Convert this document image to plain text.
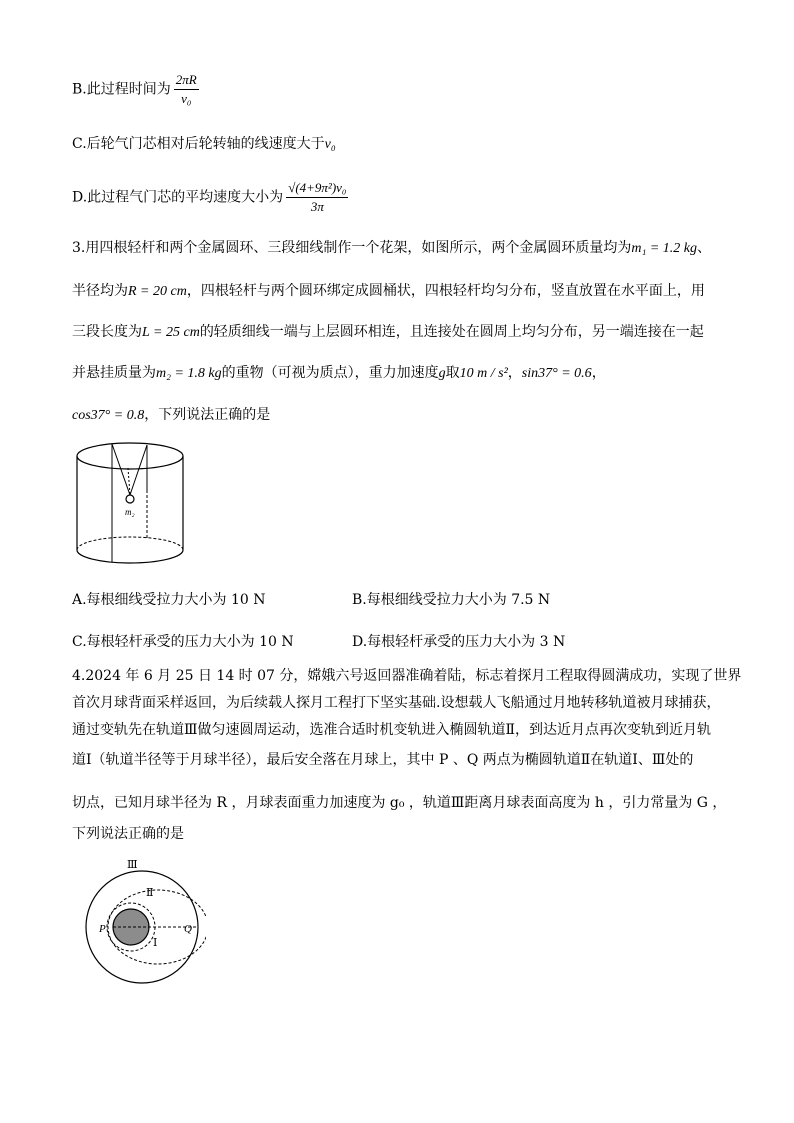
B.此过程时间为 $\frac{2\pi R}{\text{v₀}}$
C.后轮气门芯相对后轮转轴的线速度大于v₀
D.此过程气门芯的平均速度大小为 $\frac{\text{√(4+9π²)v₀}}{3\pi}$
3.用四根轻杆和两个金属圆环、三段细线制作一个花架，如图所示，两个金属圆环质量均为m₁ = 1.2 kg、
半径均为R = 20 cm，四根轻杆与两个圆环绑定成圆桶状，四根轻杆均匀分布，竖直放置在水平面上，用
三段长度为L = 25 cm的轻质细线一端与上层圆环相连，且连接处在圆周上均匀分布，另一端连接在一起
并悬挂质量为m₂ = 1.8 kg的重物（可视为质点），重力加速度g取10 m / s²，sin37° = 0.6，
cos37° = 0.8，下列说法正确的是
m₂
A.每根细线受拉力大小为 10 N	B.每根细线受拉力大小为 7.5 N
C.每根轻杆承受的压力大小为 10 N	D.每根轻杆承受的压力大小为 3 N
4.2024 年 6 月 25 日 14 时 07 分，嫦娥六号返回器准确着陆，标志着探月工程取得圆满成功，实现了世界
首次月球背面采样返回，为后续载人探月工程打下坚实基础.设想载人飞船通过月地转移轨道被月球捕获，
通过变轨先在轨道Ⅲ做匀速圆周运动，选准合适时机变轨进入椭圆轨道Ⅱ，到达近月点再次变轨到近月轨
道Ⅰ（轨道半径等于月球半径），最后安全落在月球上，其中 P 、Q 两点为椭圆轨道Ⅱ在轨道Ⅰ、Ⅲ处的
切点，已知月球半径为 R ，月球表面重力加速度为 g₀ ，轨道Ⅲ距离月球表面高度为 h ，引力常量为 G ，
下列说法正确的是
Ⅲ
Ⅱ
Ⅰ
P	Q
